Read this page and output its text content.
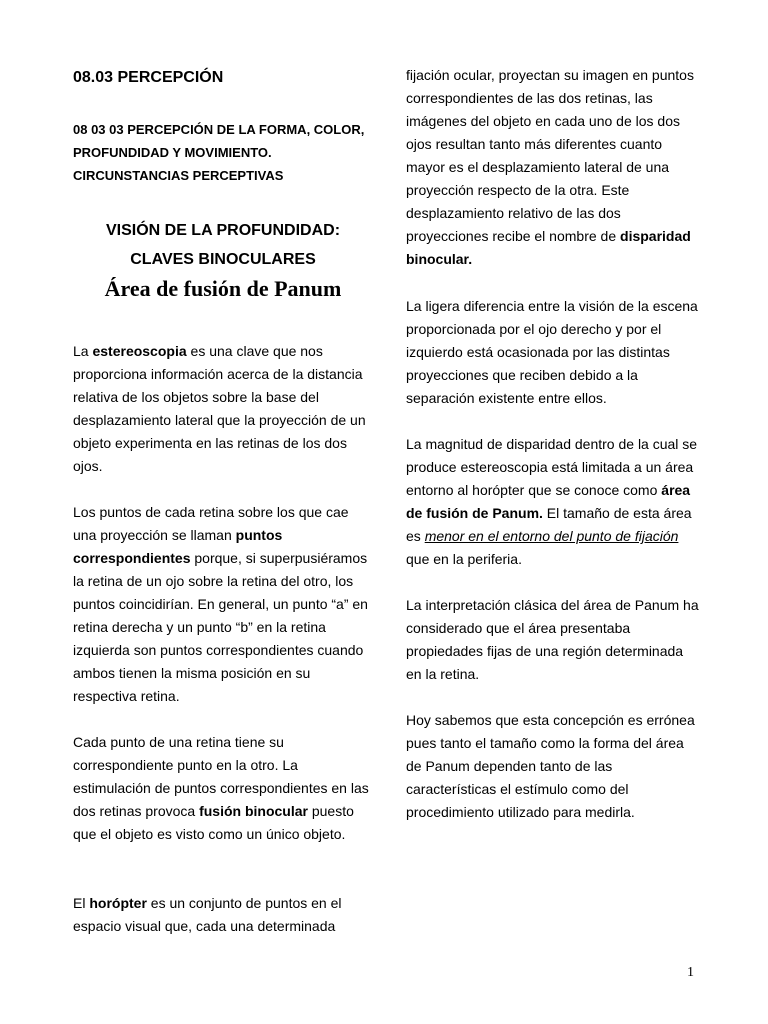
08.03 PERCEPCIÓN
08 03 03 PERCEPCIÓN DE LA FORMA, COLOR, PROFUNDIDAD Y MOVIMIENTO. CIRCUNSTANCIAS PERCEPTIVAS
VISIÓN DE LA PROFUNDIDAD:
CLAVES BINOCULARES
Área de fusión de Panum

La estereoscopia es una clave que nos proporciona información acerca de la distancia relativa de los objetos sobre la base del desplazamiento lateral que la proyección de un objeto experimenta en las retinas de los dos ojos.

Los puntos de cada retina sobre los que cae una proyección se llaman puntos correspondientes porque, si superpusiéramos la retina de un ojo sobre la retina del otro, los puntos coincidirían. En general, un punto “a” en retina derecha y un punto “b” en la retina izquierda son puntos correspondientes cuando ambos tienen la misma posición en su respectiva retina.

Cada punto de una retina tiene su correspondiente punto en la otro. La estimulación de puntos correspondientes en las dos retinas provoca fusión binocular puesto que el objeto es visto como un único objeto.

El horópter es un conjunto de puntos en el espacio visual que, cada una determinada

fijación ocular, proyectan su imagen en puntos correspondientes de las dos retinas, las imágenes del objeto en cada uno de los dos ojos resultan tanto más diferentes cuanto mayor es el desplazamiento lateral de una proyección respecto de la otra. Este desplazamiento relativo de las dos proyecciones recibe el nombre de disparidad binocular.

La ligera diferencia entre la visión de la escena proporcionada por el ojo derecho y por el izquierdo está ocasionada por las distintas proyecciones que reciben debido a la separación existente entre ellos.

La magnitud de disparidad dentro de la cual se produce estereoscopia está limitada a un área entorno al horópter que se conoce como área de fusión de Panum. El tamaño de esta área es menor en el entorno del punto de fijación que en la periferia.

La interpretación clásica del área de Panum ha considerado que el área presentaba propiedades fijas de una región determinada en la retina.

Hoy sabemos que esta concepción es errónea pues tanto el tamaño como la forma del área de Panum dependen tanto de las características el estímulo como del procedimiento utilizado para medirla.

1
